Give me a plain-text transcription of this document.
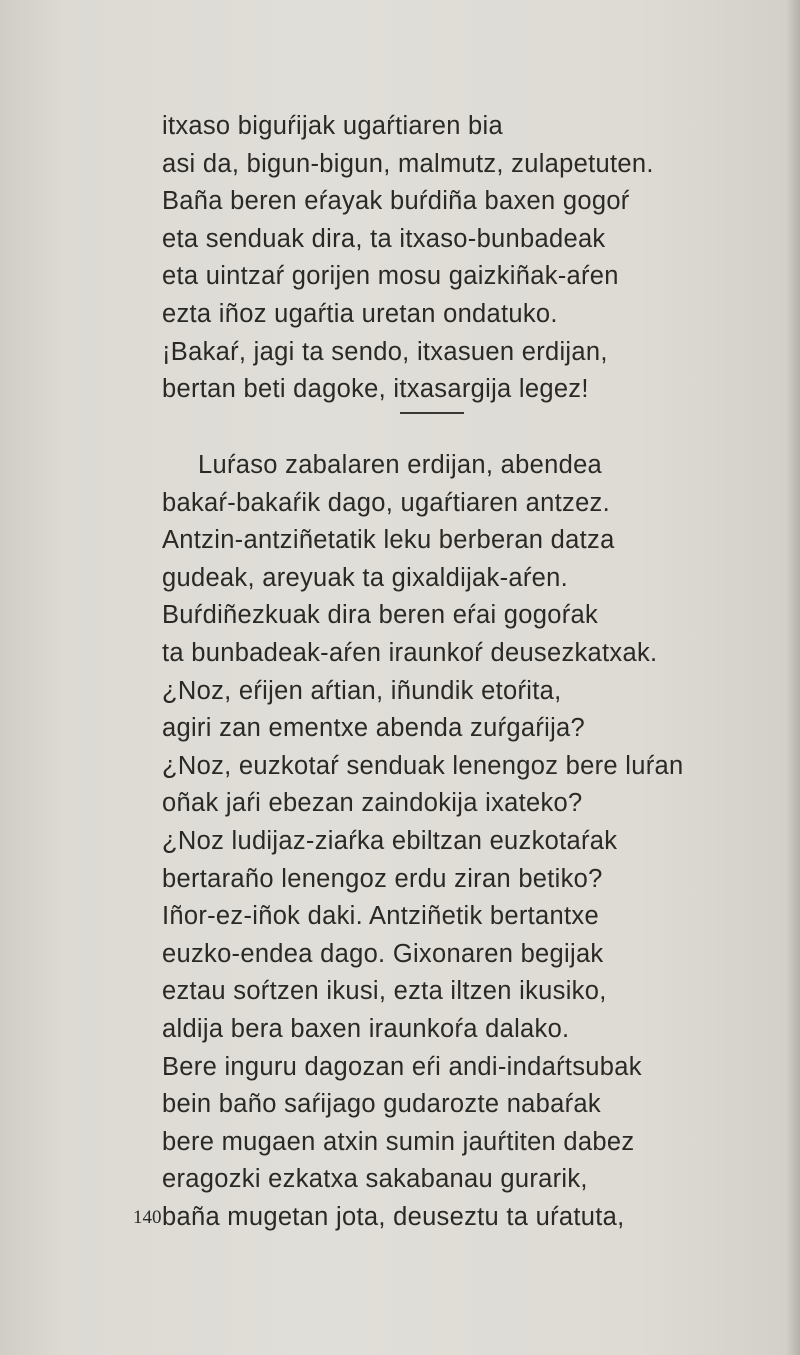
itxaso biguŕijak ugaŕtiaren bia
asi da, bigun-bigun, malmutz, zulapetuten.
Baña beren eŕayak buŕdiña baxen gogoŕ
eta senduak dira, ta itxaso-bunbadeak
eta uintzaŕ gorijen mosu gaizkiñak-aŕen
ezta iñoz ugaŕtia uretan ondatuko.
¡Bakaŕ, jagi ta sendo, itxasuen erdijan,
bertan beti dagoke, itxasargija legez!
Luŕaso zabalaren erdijan, abendea
bakaŕ-bakaŕik dago, ugaŕtiaren antzez.
Antzin-antziñetatik leku berberan datza
gudeak, areyuak ta gixaldijak-aŕen.
Buŕdiñezkuak dira beren eŕai gogoŕak
ta bunbadeak-aŕen iraunkoŕ deusezkatxak.
¿Noz, eŕijen aŕtian, iñundik etoŕita,
agiri zan ementxe abenda zuŕgaŕija?
¿Noz, euzkotaŕ senduak lenengoz bere luŕan
oñak jaŕi ebezan zaindokija ixateko?
¿Noz ludijaz-ziaŕka ebiltzan euzkotaŕak
bertaraño lenengoz erdu ziran betiko?
Iñor-ez-iñok daki. Antziñetik bertantxe
euzko-endea dago. Gixonaren begijak
eztau soŕtzen ikusi, ezta iltzen ikusiko,
aldija bera baxen iraunkoŕa dalako.
Bere inguru dagozan eŕi andi-indaŕtsubak
bein baño saŕijago gudarozte nabaŕak
bere mugaen atxin sumin jauŕtiten dabez
eragozki ezkatxa sakabanau gurarik,
baña mugetan jota, deuseztu ta uŕatuta,

140
